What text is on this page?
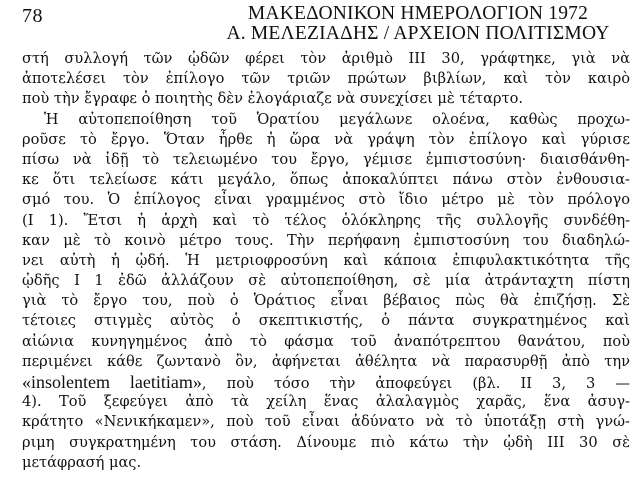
78	ΜΑΚΕΔΟΝΙΚΟΝ ΗΜΕΡΟΛΟΓΙΟΝ 1972
Α. ΜΕΛΕΖΙΑΔΗΣ / ΑΡΧΕΙΟΝ ΠΟΛΙΤΙΣΜΟΥ
στή συλλογή τῶν ᾠδῶν φέρει τὸν ἀριθμὸ III 30, γράφτηκε, γιὰ νὰ
ἀποτελέσει τὸν ἐπίλογο τῶν τριῶν πρώτων βιβλίων, καὶ τὸν καιρὸ
ποὺ τὴν ἔγραφε ὁ ποιητὴς δὲν ἐλογάριαζε νὰ συνεχίσει μὲ τέταρτο.
Ἡ αὐτοπεποίθηση τοῦ Ὁρατίου μεγάλωνε ολοένα, καθὼς προχω-
ροῦσε τὸ ἔργο. Ὅταν ἦρθε ἡ ὥρα νὰ γράψη τὸν ἐπίλογο καὶ γύρισε
πίσω νὰ ἰδῇ τὸ τελειωμένο του ἔργο, γέμισε ἐμπιστοσύνη· διαισθάνθη-
κε ὅτι τελείωσε κάτι μεγάλο, ὅπως ἀποκαλύπτει πάνω στὸν ἐνθουσια-
σμό του. Ὁ ἐπίλογος εἶναι γραμμένος στὸ ἴδιο μέτρο μὲ τὸν πρόλογο
(Ι 1). Ἔτσι ἡ ἀρχὴ καὶ τὸ τέλος ὁλόκληρης τῆς συλλογῆς συνδέθη-
καν μὲ τὸ κοινὸ μέτρο τους. Τὴν περήφανη ἐμπιστοσύνη του διαδηλώ-
νει αὐτὴ ἡ ᾠδή. Ἡ μετριοφροσύνη καὶ κάποια ἐπιφυλακτικότητα τῆς
ᾠδῆς Ι 1 ἐδῶ ἀλλάζουν σὲ αὐτοπεποίθηση, σὲ μία ἀτράνταχτη πίστη
γιὰ τὸ ἔργο του, ποὺ ὁ Ὁράτιος εἶναι βέβαιος πὼς θὰ ἐπιζήσῃ. Σὲ
τέτοιες στιγμὲς αὐτὸς ὁ σκεπτικιστής, ὁ πάντα συγκρατημένος καὶ
αἰώνια κυνηγημένος ἀπὸ τὸ φάσμα τοῦ ἀναπότρεπτου θανάτου, ποὺ
περιμένει κάθε ζωντανὸ ὂν, ἀφήνεται ἀθέλητα νὰ παρασυρθῇ ἀπὸ την
«insolentem laetitiam», ποὺ τόσο τὴν ἀποφεύγει (βλ. II 3, 3 —
4). Τοῦ ξεφεύγει ἀπὸ τὰ χείλη ἕνας ἀλαλαγμὸς χαρᾶς, ἕνα ἀσυγ-
κράτητο «Νενικήκαμεν», ποὺ τοῦ εἶναι ἀδύνατο νὰ τὸ ὑποτάξῃ στὴ γνώ-
ριμη συγκρατημένη του στάση. Δίνουμε πιὸ κάτω τὴν ᾠδὴ III 30 σὲ
μετάφρασή μας.
